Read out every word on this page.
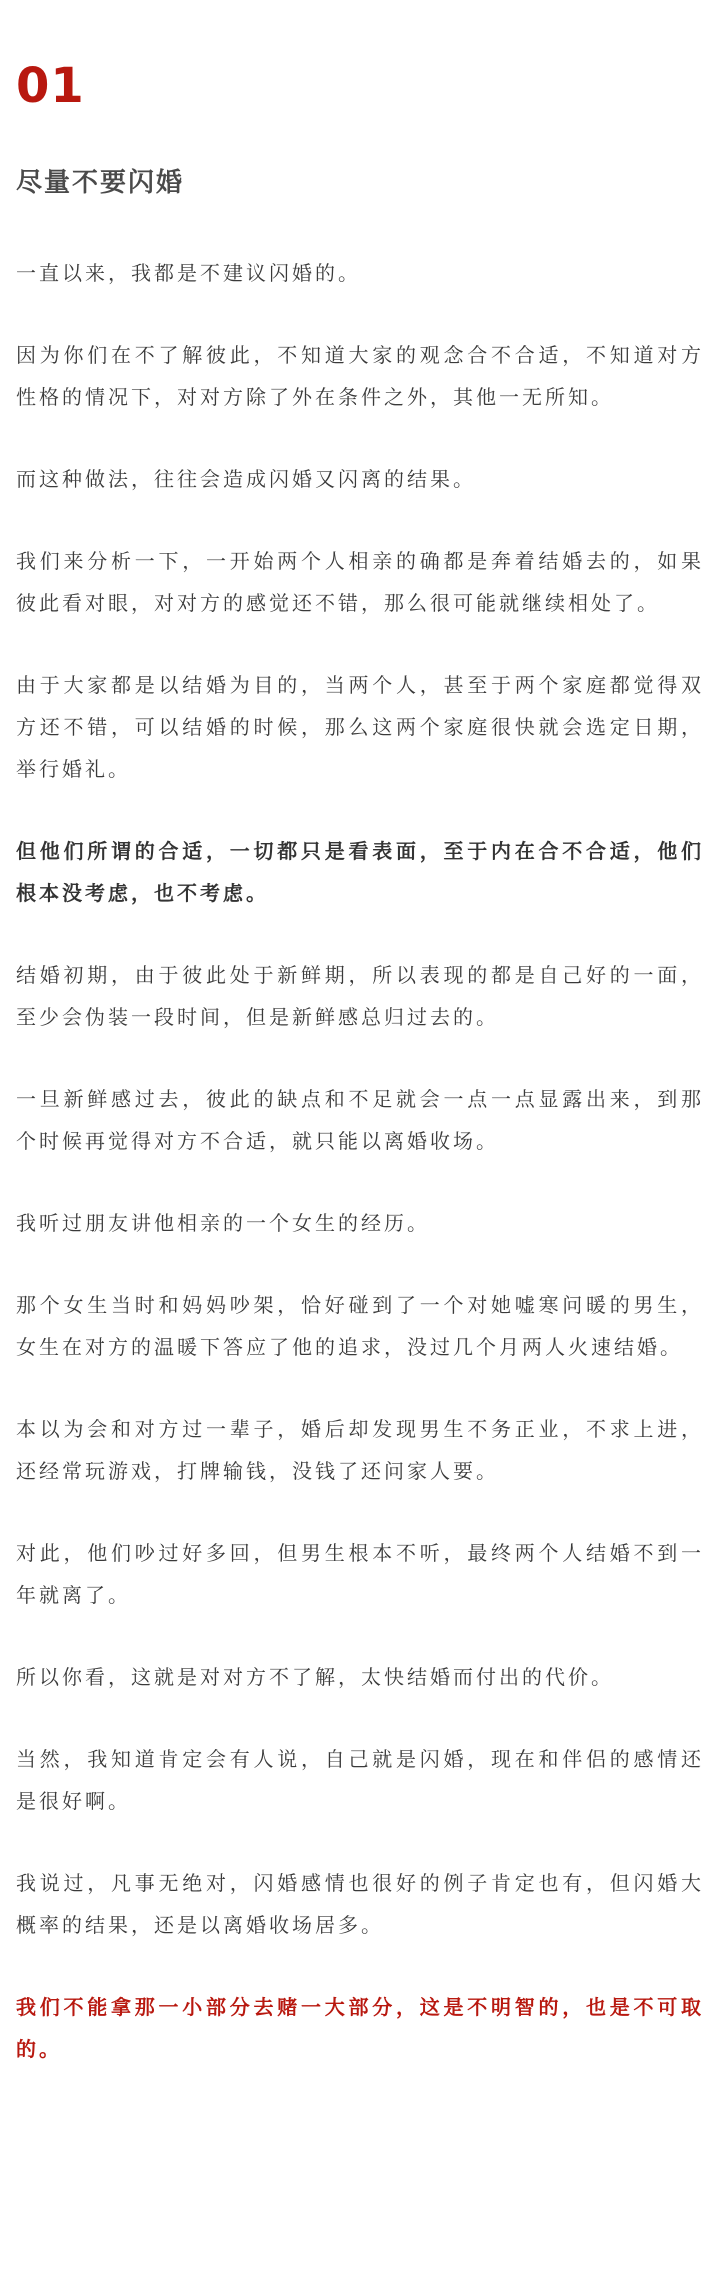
01
尽量不要闪婚

一直以来，我都是不建议闪婚的。

因为你们在不了解彼此，不知道大家的观念合不合适，不知道对方性格的情况下，对对方除了外在条件之外，其他一无所知。

而这种做法，往往会造成闪婚又闪离的结果。

我们来分析一下，一开始两个人相亲的确都是奔着结婚去的，如果彼此看对眼，对对方的感觉还不错，那么很可能就继续相处了。

由于大家都是以结婚为目的，当两个人，甚至于两个家庭都觉得双方还不错，可以结婚的时候，那么这两个家庭很快就会选定日期，举行婚礼。

但他们所谓的合适，一切都只是看表面，至于内在合不合适，他们根本没考虑，也不考虑。

结婚初期，由于彼此处于新鲜期，所以表现的都是自己好的一面，至少会伪装一段时间，但是新鲜感总归过去的。

一旦新鲜感过去，彼此的缺点和不足就会一点一点显露出来，到那个时候再觉得对方不合适，就只能以离婚收场。

我听过朋友讲他相亲的一个女生的经历。

那个女生当时和妈妈吵架，恰好碰到了一个对她嘘寒问暖的男生，女生在对方的温暖下答应了他的追求，没过几个月两人火速结婚。

本以为会和对方过一辈子，婚后却发现男生不务正业，不求上进，还经常玩游戏，打牌输钱，没钱了还问家人要。

对此，他们吵过好多回，但男生根本不听，最终两个人结婚不到一年就离了。

所以你看，这就是对对方不了解，太快结婚而付出的代价。

当然，我知道肯定会有人说，自己就是闪婚，现在和伴侣的感情还是很好啊。

我说过，凡事无绝对，闪婚感情也很好的例子肯定也有，但闪婚大概率的结果，还是以离婚收场居多。

我们不能拿那一小部分去赌一大部分，这是不明智的，也是不可取的。
